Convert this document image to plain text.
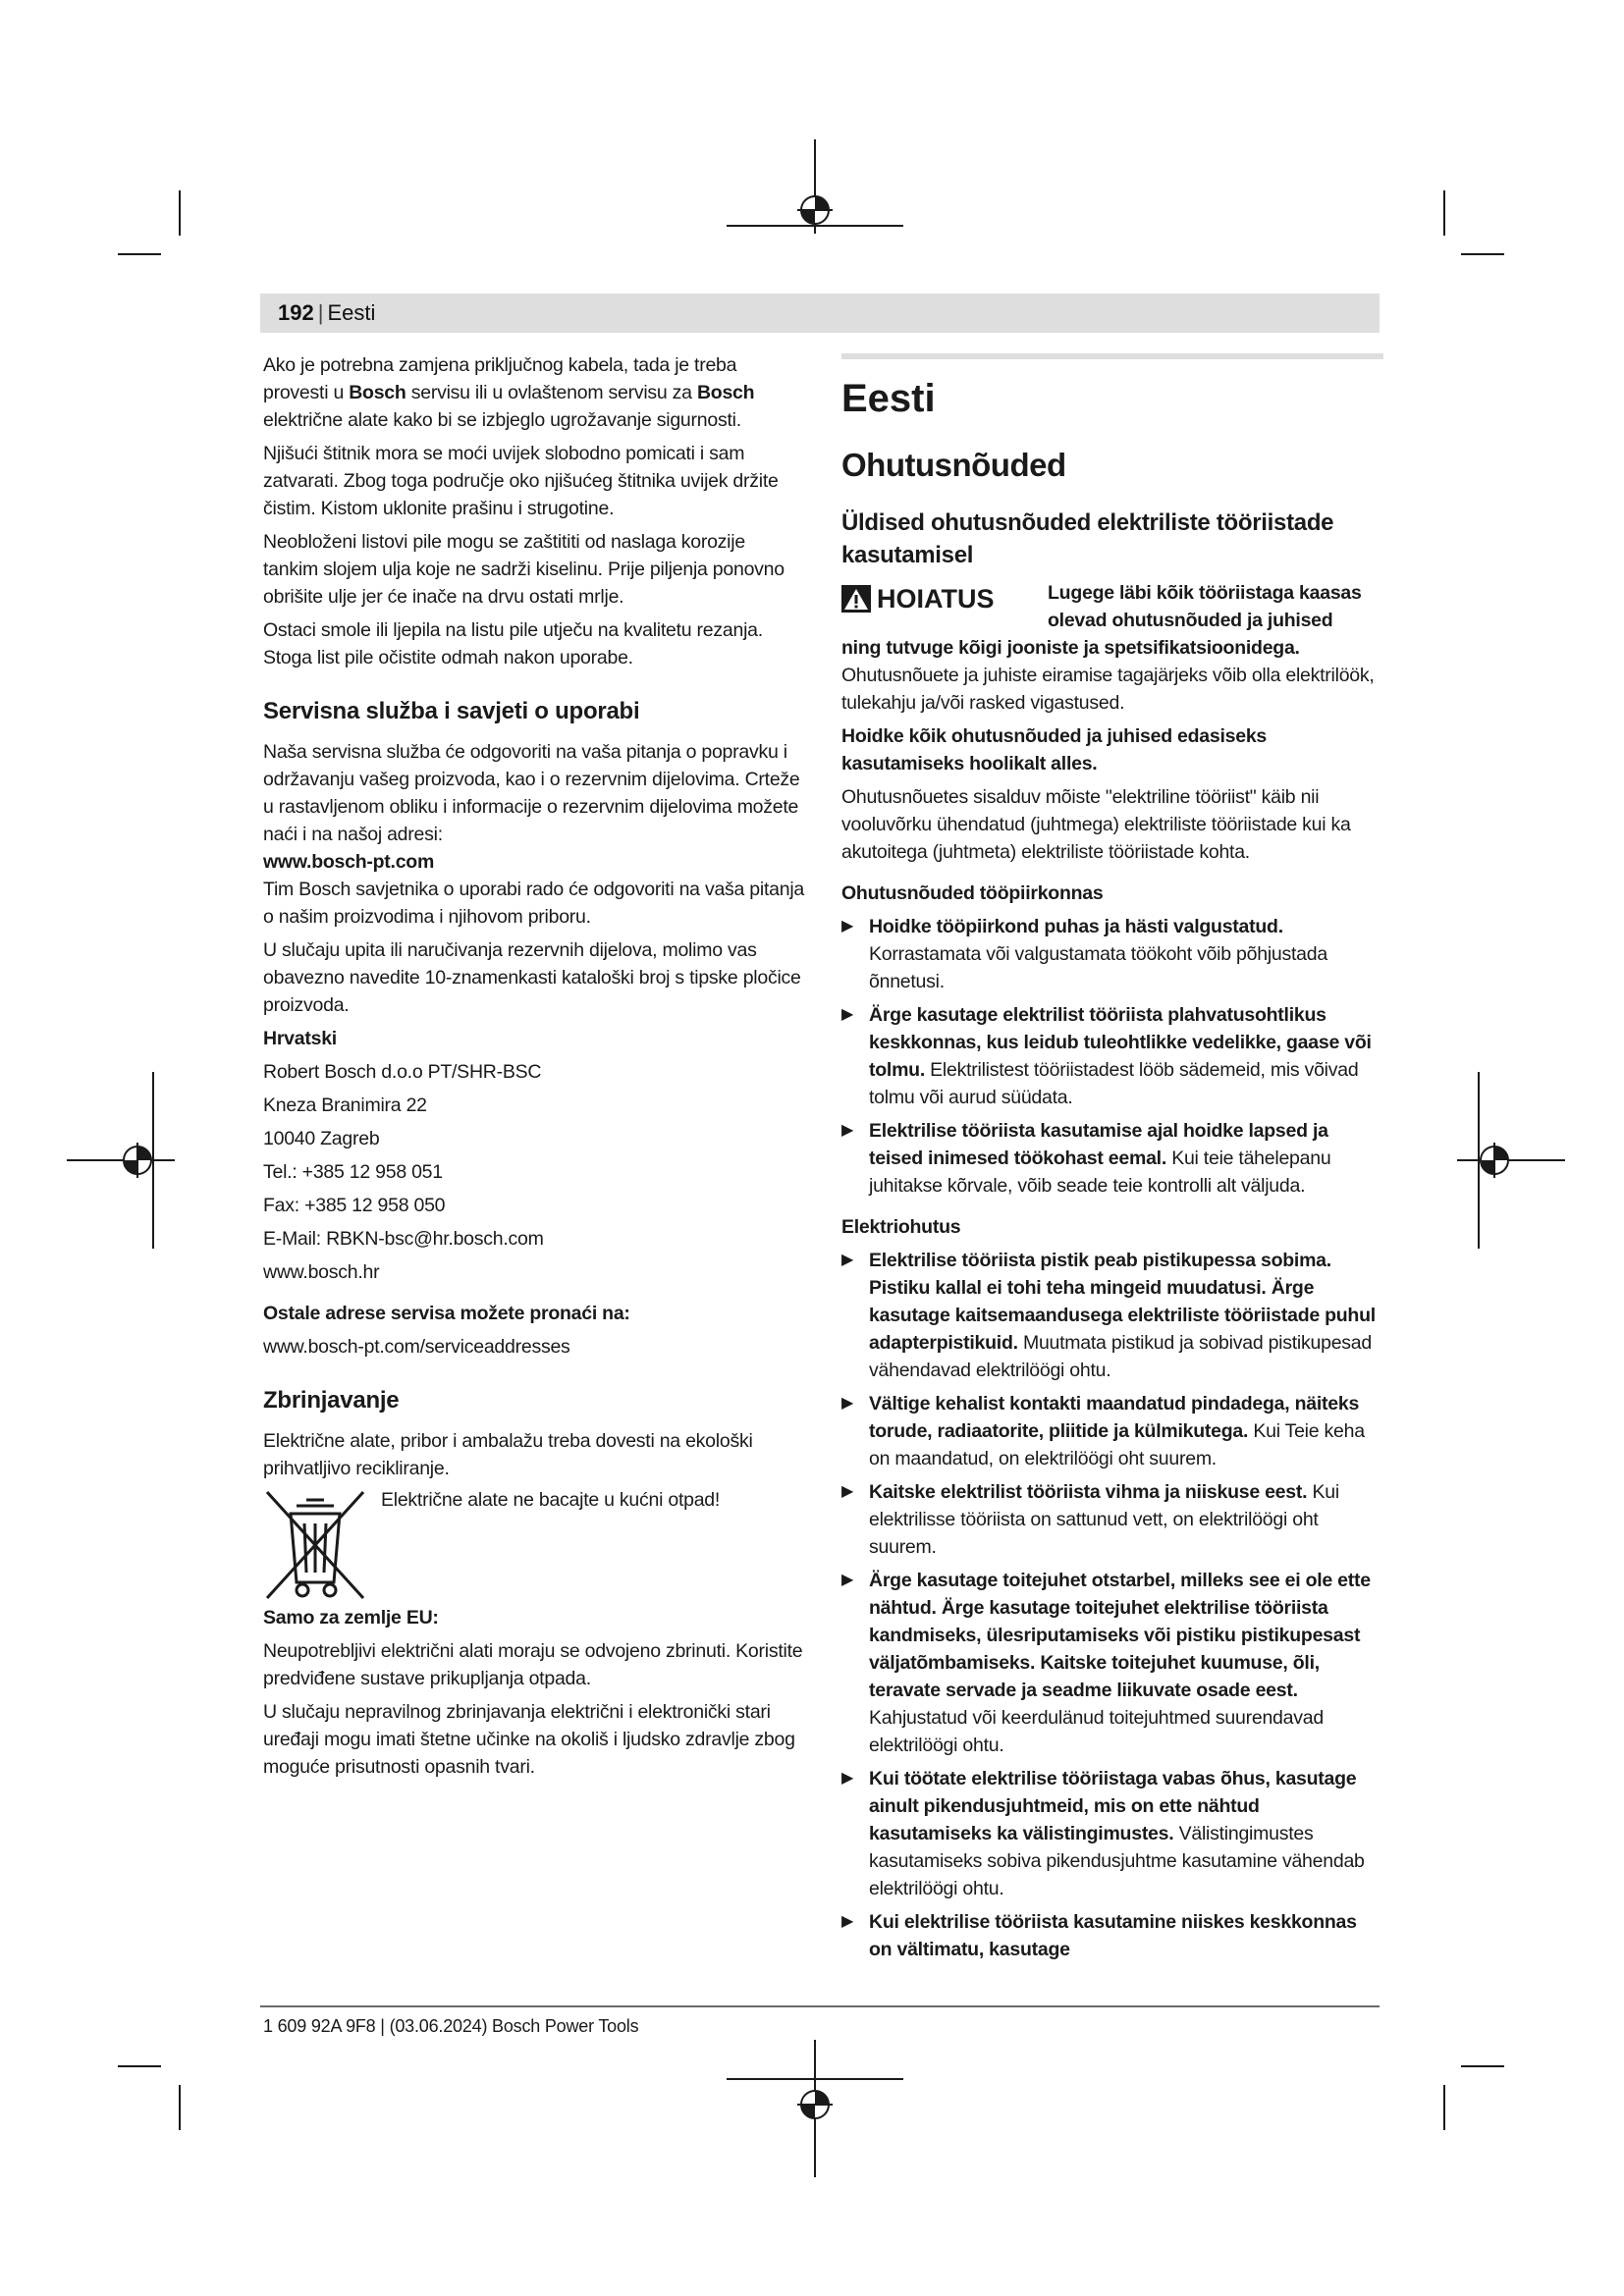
192 | Eesti

Ako je potrebna zamjena priključnog kabela, tada je treba provesti u Bosch servisu ili u ovlaštenom servisu za Bosch električne alate kako bi se izbjeglo ugrožavanje sigurnosti.

Njišući štitnik mora se moći uvijek slobodno pomicati i sam zatvarati. Zbog toga područje oko njišućeg štitnika uvijek držite čistim. Kistom uklonite prašinu i strugotine.

Neobloženi listovi pile mogu se zaštititi od naslaga korozije tankim slojem ulja koje ne sadrži kiselinu. Prije piljenja ponovno obrišite ulje jer će inače na drvu ostati mrlje.

Ostaci smole ili ljepila na listu pile utječu na kvalitetu rezanja. Stoga list pile očistite odmah nakon uporabe.

Servisna služba i savjeti o uporabi

Naša servisna služba će odgovoriti na vaša pitanja o popravku i održavanju vašeg proizvoda, kao i o rezervnim dijelovima. Crteže u rastavljenom obliku i informacije o rezervnim dijelovima možete naći i na našoj adresi:

www.bosch-pt.com

Tim Bosch savjetnika o uporabi rado će odgovoriti na vaša pitanja o našim proizvodima i njihovom priboru.

U slučaju upita ili naručivanja rezervnih dijelova, molimo vas obavezno navedite 10-znamenkasti kataloški broj s tipske pločice proizvoda.

Hrvatski

Robert Bosch d.o.o PT/SHR-BSC

Kneza Branimira 22

10040 Zagreb

Tel.: +385 12 958 051

Fax: +385 12 958 050

E-Mail: RBKN-bsc@hr.bosch.com

www.bosch.hr

Ostale adrese servisa možete pronaći na:

www.bosch-pt.com/serviceaddresses

Zbrinjavanje

Električne alate, pribor i ambalažu treba dovesti na ekološki prihvatljivo recikliranje.

Električne alate ne bacajte u kućni otpad!

Samo za zemlje EU:

Neupotrebljivi električni alati moraju se odvojeno zbrinuti. Koristite predviđene sustave prikupljanja otpada.

U slučaju nepravilnog zbrinjavanja električni i elektronički stari uređaji mogu imati štetne učinke na okoliš i ljudsko zdravlje zbog moguće prisutnosti opasnih tvari.

Eesti
Ohutusnõuded
Üldised ohutusnõuded elektriliste tööriistade kasutamisel
HOIATUS	Lugege läbi kõik tööriistaga kaasas olevad ohutusnõuded ja juhised

ning tutvuge kõigi jooniste ja spetsifikatsioonidega.

Ohutusnõuete ja juhiste eiramise tagajärjeks võib olla elektrilöök, tulekahju ja/või rasked vigastused.

Hoidke kõik ohutusnõuded ja juhised edasiseks kasutamiseks hoolikalt alles.

Ohutusnõuetes sisalduv mõiste "elektriline tööriist" käib nii vooluvõrku ühendatud (juhtmega) elektriliste tööriistade kui ka akutoitega (juhtmeta) elektriliste tööriistade kohta.

Ohutusnõuded tööpiirkonnas
▶ Hoidke tööpiirkond puhas ja hästi valgustatud. Korrastamata või valgustamata töökoht võib põhjustada õnnetusi.
▶ Ärge kasutage elektrilist tööriista plahvatusohtlikus keskkonnas, kus leidub tuleohtlikke vedelikke, gaase või tolmu. Elektrilistest tööriistadest lööb sädemeid, mis võivad tolmu või aurud süüdata.
▶ Elektrilise tööriista kasutamise ajal hoidke lapsed ja teised inimesed töökohast eemal. Kui teie tähelepanu juhitakse kõrvale, võib seade teie kontrolli alt väljuda.
Elektriohutus
▶ Elektrilise tööriista pistik peab pistikupessa sobima. Pistiku kallal ei tohi teha mingeid muudatusi. Ärge kasutage kaitsemaandusega elektriliste tööriistade puhul adapterpistikuid. Muutmata pistikud ja sobivad pistikupesad vähendavad elektrilöögi ohtu.
▶ Vältige kehalist kontakti maandatud pindadega, näiteks torude, radiaatorite, pliitide ja külmikutega. Kui Teie keha on maandatud, on elektrilöögi oht suurem.
▶ Kaitske elektrilist tööriista vihma ja niiskuse eest. Kui elektrilisse tööriista on sattunud vett, on elektrilöögi oht suurem.
▶ Ärge kasutage toitejuhet otstarbel, milleks see ei ole ette nähtud. Ärge kasutage toitejuhet elektrilise tööriista kandmiseks, ülesriputamiseks või pistiku pistikupesast väljatõmbamiseks. Kaitske toitejuhet kuumuse, õli, teravate servade ja seadme liikuvate osade eest. Kahjustatud või keerdulänud toitejuhtmed suurendavad elektrilöögi ohtu.
▶ Kui töötate elektrilise tööriistaga vabas õhus, kasutage ainult pikendusjuhtmeid, mis on ette nähtud kasutamiseks ka välistingimustes. Välistingimustes kasutamiseks sobiva pikendusjuhtme kasutamine vähendab elektrilöögi ohtu.
▶ Kui elektrilise tööriista kasutamine niiskes keskkonnas on vältimatu, kasutage
1 609 92A 9F8 | (03.06.2024) Bosch Power Tools
